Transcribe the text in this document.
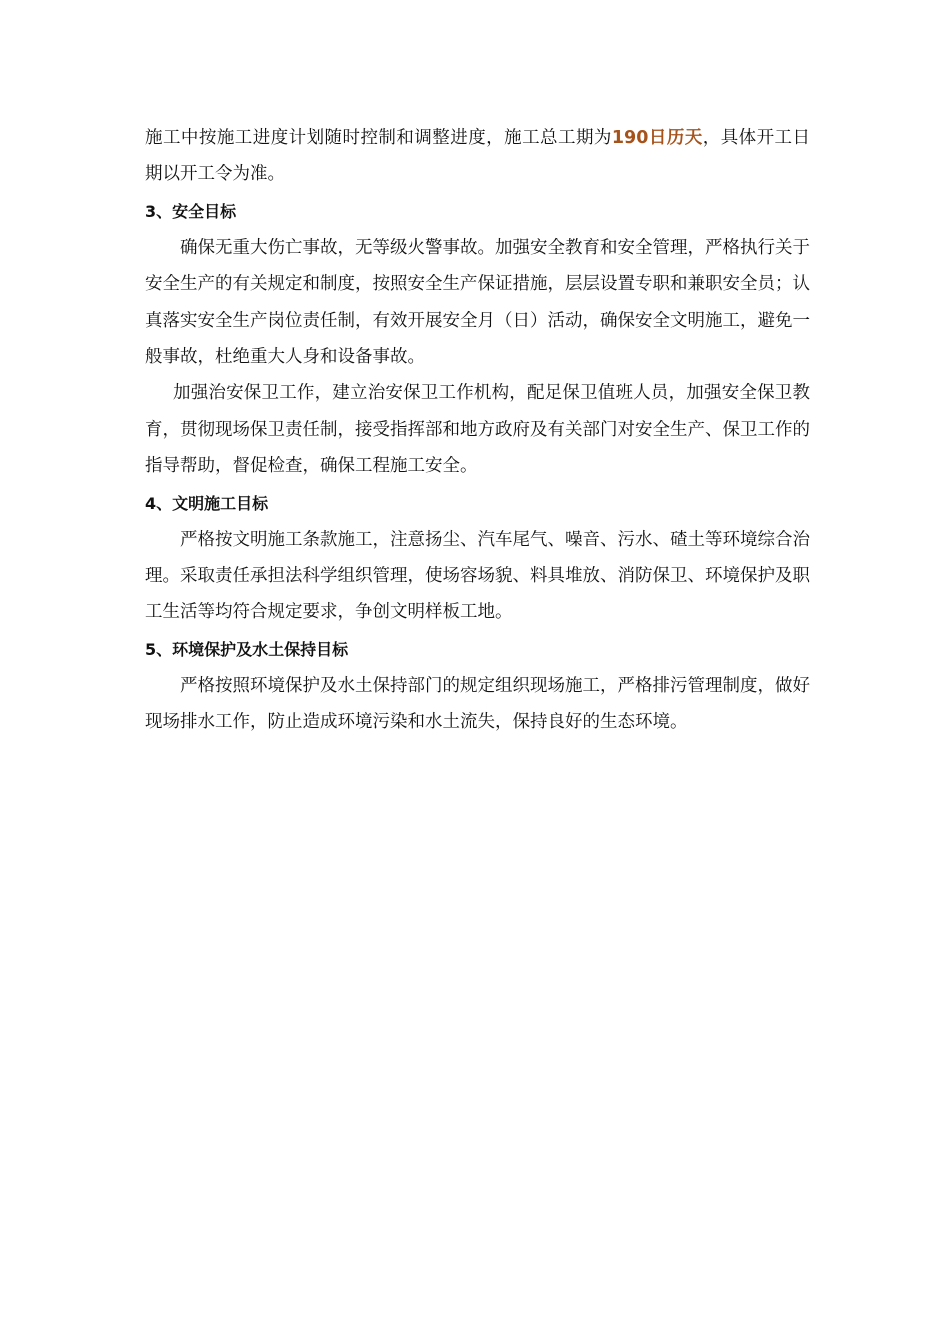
施工中按施工进度计划随时控制和调整进度，施工总工期为190日历天，具体开工日期以开工令为准。

3、安全目标

确保无重大伤亡事故，无等级火警事故。加强安全教育和安全管理，严格执行关于安全生产的有关规定和制度，按照安全生产保证措施，层层设置专职和兼职安全员；认真落实安全生产岗位责任制，有效开展安全月（日）活动，确保安全文明施工，避免一般事故，杜绝重大人身和设备事故。

加强治安保卫工作，建立治安保卫工作机构，配足保卫值班人员，加强安全保卫教育，贯彻现场保卫责任制，接受指挥部和地方政府及有关部门对安全生产、保卫工作的指导帮助，督促检查，确保工程施工安全。

4、文明施工目标

严格按文明施工条款施工，注意扬尘、汽车尾气、噪音、污水、碴土等环境综合治理。采取责任承担法科学组织管理，使场容场貌、料具堆放、消防保卫、环境保护及职工生活等均符合规定要求，争创文明样板工地。

5、环境保护及水土保持目标

严格按照环境保护及水土保持部门的规定组织现场施工，严格排污管理制度，做好现场排水工作，防止造成环境污染和水土流失，保持良好的生态环境。
